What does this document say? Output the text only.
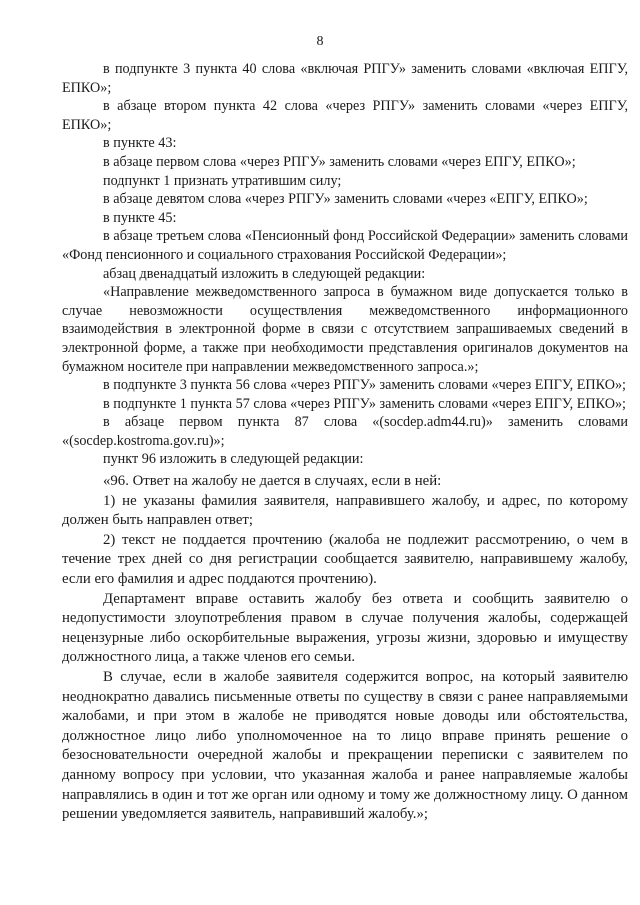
8

в подпункте 3 пункта 40 слова «включая РПГУ» заменить словами «включая ЕПГУ, ЕПКО»;

в абзаце втором пункта 42 слова «через РПГУ» заменить словами «через ЕПГУ, ЕПКО»;

в пункте 43:

в абзаце первом слова «через РПГУ» заменить словами «через ЕПГУ, ЕПКО»;

подпункт 1 признать утратившим силу;

в абзаце девятом слова «через РПГУ» заменить словами «через «ЕПГУ, ЕПКО»;

в пункте 45:

в абзаце третьем слова «Пенсионный фонд Российской Федерации» заменить словами «Фонд пенсионного и социального страхования Российской Федерации»;

абзац двенадцатый изложить в следующей редакции:

«Направление межведомственного запроса в бумажном виде допускается только в случае невозможности осуществления межведомственного информационного взаимодействия в электронной форме в связи с отсутствием запрашиваемых сведений в электронной форме, а также при необходимости представления оригиналов документов на бумажном носителе при направлении межведомственного запроса.»;

в подпункте 3 пункта 56 слова «через РПГУ» заменить словами «через ЕПГУ, ЕПКО»;

в подпункте 1 пункта 57 слова «через РПГУ» заменить словами «через ЕПГУ, ЕПКО»;

в абзаце первом пункта 87 слова «(socdep.adm44.ru)» заменить словами «(socdep.kostroma.gov.ru)»;

пункт 96 изложить в следующей редакции:

«96. Ответ на жалобу не дается в случаях, если в ней:

1) не указаны фамилия заявителя, направившего жалобу, и адрес, по которому должен быть направлен ответ;

2) текст не поддается прочтению (жалоба не подлежит рассмотрению, о чем в течение трех дней со дня регистрации сообщается заявителю, направившему жалобу, если его фамилия и адрес поддаются прочтению).

Департамент вправе оставить жалобу без ответа и сообщить заявителю о недопустимости злоупотребления правом в случае получения жалобы, содержащей нецензурные либо оскорбительные выражения, угрозы жизни, здоровью и имуществу должностного лица, а также членов его семьи.

В случае, если в жалобе заявителя содержится вопрос, на который заявителю неоднократно давались письменные ответы по существу в связи с ранее направляемыми жалобами, и при этом в жалобе не приводятся новые доводы или обстоятельства, должностное лицо либо уполномоченное на то лицо вправе принять решение о безосновательности очередной жалобы и прекращении переписки с заявителем по данному вопросу при условии, что указанная жалоба и ранее направляемые жалобы направлялись в один и тот же орган или одному и тому же должностному лицу. О данном решении уведомляется заявитель, направивший жалобу.»;
